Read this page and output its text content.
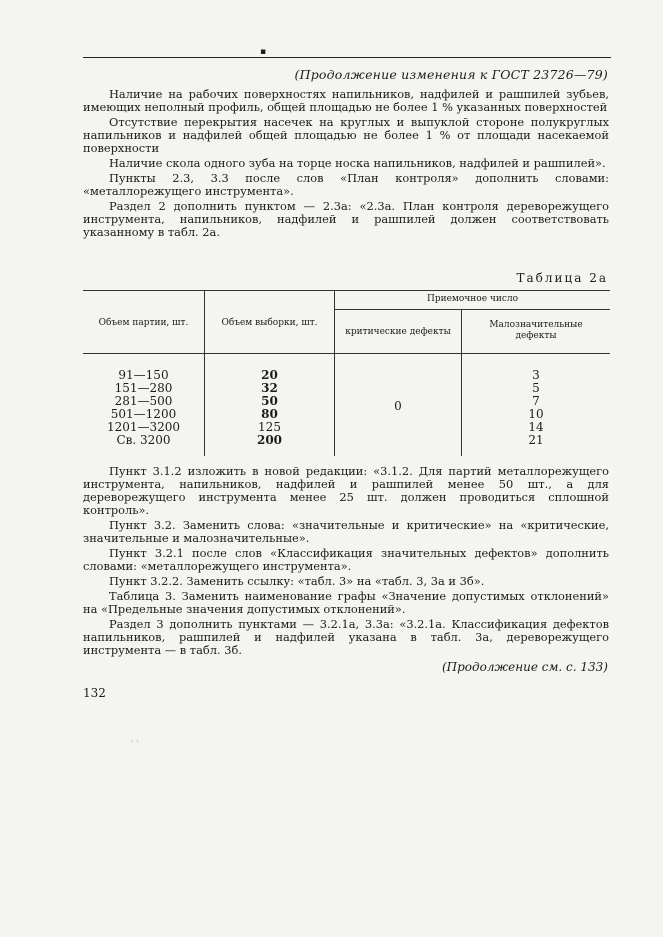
▪
(Продолжение изменения к ГОСТ 23726—79)

Наличие на рабочих поверхностях напильников, надфилей и рашпилей зубьев, имеющих неполный профиль, общей площадью не более 1 % указанных поверхностей

Отсутствие перекрытия насечек на круглых и выпуклой стороне полукруглых напильников и надфилей общей площадью не более 1 % от площади насекаемой поверхности

Наличие скола одного зуба на торце носка напильников, надфилей и рашпилей».

Пункты 2.3, 3.3 после слов «План контроля» дополнить словами: «металлорежущего инструмента».

Раздел 2 дополнить пунктом — 2.3а: «2.3а. План контроля дереворежущего инструмента, напильников, надфилей и рашпилей должен соответствовать указанному в табл. 2а.

Таблица 2а
Объем партии, шт.	Объем выборки, шт.
Приемочное число
критические дефекты
Малозначительные дефекты
91—150
151—280
281—500
501—1200
1201—3200
Св. 3200
20
32
50
80
125
200
0
3
5
7
10
14
21

Пункт 3.1.2 изложить в новой редакции: «3.1.2. Для партий металлорежущего инструмента, напильников, надфилей и рашпилей менее 50 шт., а для дереворежущего инструмента менее 25 шт. должен проводиться сплошной контроль».

Пункт 3.2. Заменить слова: «значительные и критические» на «критические, значительные и малозначительные».

Пункт 3.2.1 после слов «Классификация значительных дефектов» дополнить словами: «металлорежущего инструмента».

Пункт 3.2.2. Заменить ссылку: «табл. 3» на «табл. 3, 3а и 3б».

Таблица 3. Заменить наименование графы «Значение допустимых отклонений» на «Предельные значения допустимых отклонений».

Раздел 3 дополнить пунктами — 3.2.1а, 3.3а: «3.2.1а. Классификация дефектов напильников, рашпилей и надфилей указана в табл. 3а, дереворежущего инструмента — в табл. 3б.

(Продолжение см. с. 133)
132
· ·
